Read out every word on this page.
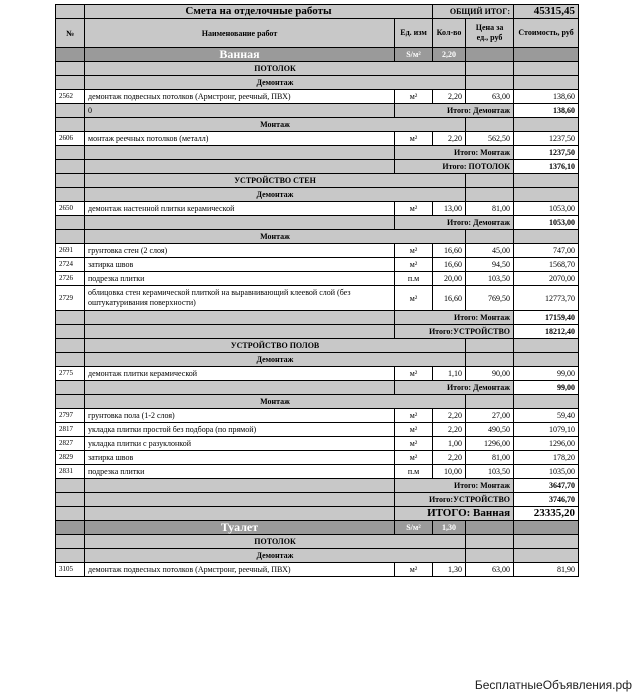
	Смета на отделочные работы		ОБЩИЙ ИТОГ:		45315,45
№	Наименование работ	Ед. изм	Кол-во	Цена за ед., руб	Стоимость, руб
	Ванная	S/м²	2,20		
	ПОТОЛОК				
	Демонтаж				
2562	демонтаж подвесных потолков (Армстронг, реечный, ПВХ)	м²	2,20	63,00	138,60
	0	Итого: Демонтаж			138,60
	Монтаж				
2606	монтаж реечных потолков (металл)	м²	2,20	562,50	1237,50
		Итого: Монтаж			1237,50
		Итого: ПОТОЛОК			1376,10
	УСТРОЙСТВО СТЕН				
	Демонтаж				
2650	демонтаж настенной плитки керамической	м²	13,00	81,00	1053,00
		Итого: Демонтаж			1053,00
	Монтаж				
2691	грунтовка стен (2 слоя)	м²	16,60	45,00	747,00
2724	затирка швов	м²	16,60	94,50	1568,70
2726	подрезка плитки	п.м	20,00	103,50	2070,00
2729	облицовка стен керамической плиткой на выравнивающий клеевой слой (без оштукатуривания поверхности)	м²	16,60	769,50	12773,70
		Итого: Монтаж			17159,40
		Итого:УСТРОЙСТВО			18212,40
	УСТРОЙСТВО ПОЛОВ				
	Демонтаж				
2775	демонтаж плитки керамической	м²	1,10	90,00	99,00
		Итого: Демонтаж			99,00
	Монтаж				
2797	грунтовка пола (1-2 слоя)	м²	2,20	27,00	59,40
2817	укладка плитки простой без подбора (по прямой)	м²	2,20	490,50	1079,10
2827	укладка плитки с разуклонкой	м²	1,00	1296,00	1296,00
2829	затирка швов	м²	2,20	81,00	178,20
2831	подрезка плитки	п.м	10,00	103,50	1035,00
		Итого: Монтаж			3647,70
		Итого:УСТРОЙСТВО			3746,70
		ИТОГО: Ванная			23335,20
	Туалет	S/м²	1,30		
	ПОТОЛОК				
	Демонтаж				
3105	демонтаж подвесных потолков (Армстронг, реечный, ПВХ)	м²	1,30	63,00	81,90
БесплатныеОбъявления.рф
